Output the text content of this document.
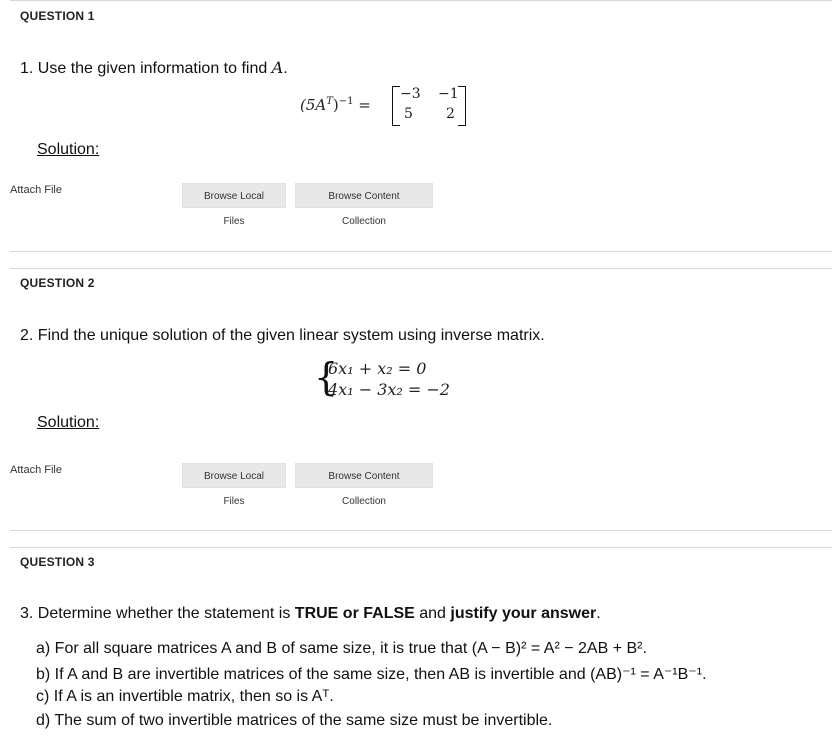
QUESTION 1
1. Use the given information to find A.
$(5A^T)^{-1}$ =
−3 −1
5 2
Solution:
Attach File
Browse Local Files
Browse Content Collection
QUESTION 2
2. Find the unique solution of the given linear system using inverse matrix.
{
6x₁ + x₂ = 0
4x₁ − 3x₂ = −2
Solution:
Attach File
Browse Local Files
Browse Content Collection
QUESTION 3
3. Determine whether the statement is TRUE or FALSE and justify your answer.
a) For all square matrices A and B of same size, it is true that (A − B)² = A² − 2AB + B².
b) If A and B are invertible matrices of the same size, then AB is invertible and (AB)⁻¹ = A⁻¹B⁻¹.
c) If A is an invertible matrix, then so is Aᵀ.
d) The sum of two invertible matrices of the same size must be invertible.
